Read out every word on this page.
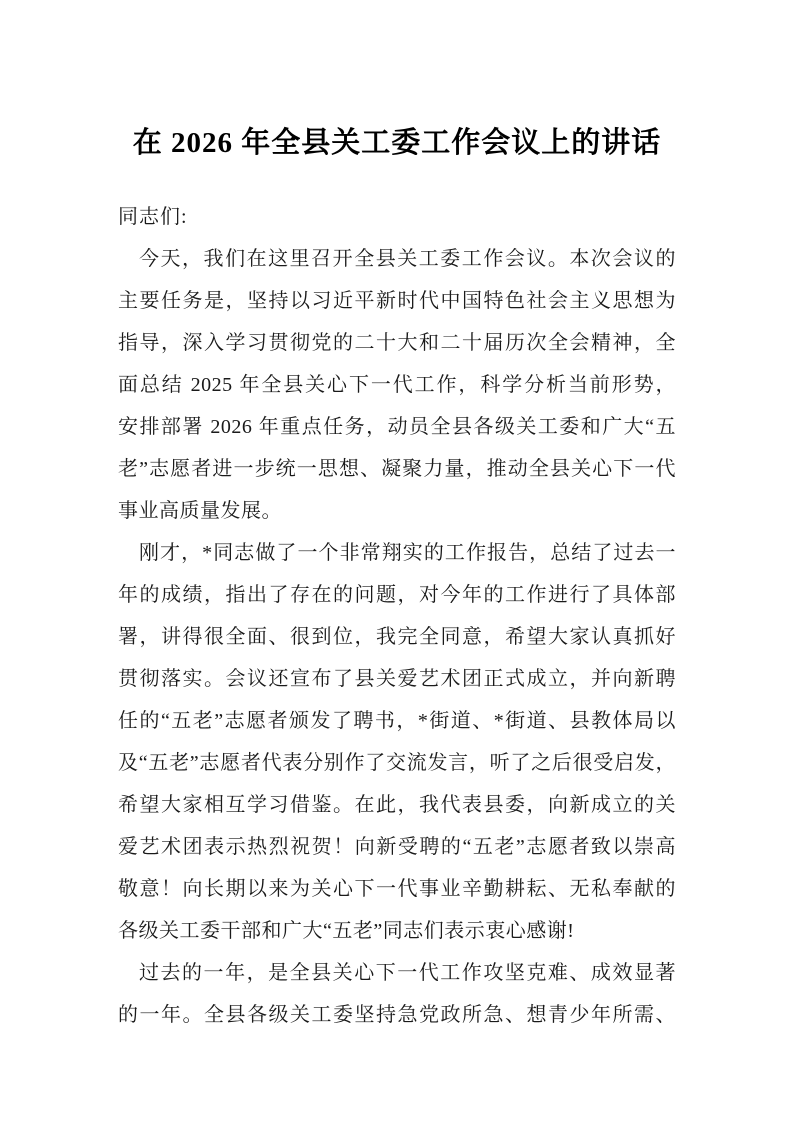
在 2026 年全县关工委工作会议上的讲话

同志们:

今天，我们在这里召开全县关工委工作会议。本次会议的
主要任务是，坚持以习近平新时代中国特色社会主义思想为
指导，深入学习贯彻党的二十大和二十届历次全会精神，全
面总结 2025 年全县关心下一代工作，科学分析当前形势，
安排部署 2026 年重点任务，动员全县各级关工委和广大“五
老”志愿者进一步统一思想、凝聚力量，推动全县关心下一代
事业高质量发展。
刚才，*同志做了一个非常翔实的工作报告，总结了过去一
年的成绩，指出了存在的问题，对今年的工作进行了具体部
署，讲得很全面、很到位，我完全同意，希望大家认真抓好
贯彻落实。会议还宣布了县关爱艺术团正式成立，并向新聘
任的“五老”志愿者颁发了聘书，*街道、*街道、县教体局以
及“五老”志愿者代表分别作了交流发言，听了之后很受启发，
希望大家相互学习借鉴。在此，我代表县委，向新成立的关
爱艺术团表示热烈祝贺！向新受聘的“五老”志愿者致以崇高
敬意！向长期以来为关心下一代事业辛勤耕耘、无私奉献的
各级关工委干部和广大“五老”同志们表示衷心感谢!
过去的一年，是全县关心下一代工作攻坚克难、成效显著
的一年。全县各级关工委坚持急党政所急、想青少年所需、
